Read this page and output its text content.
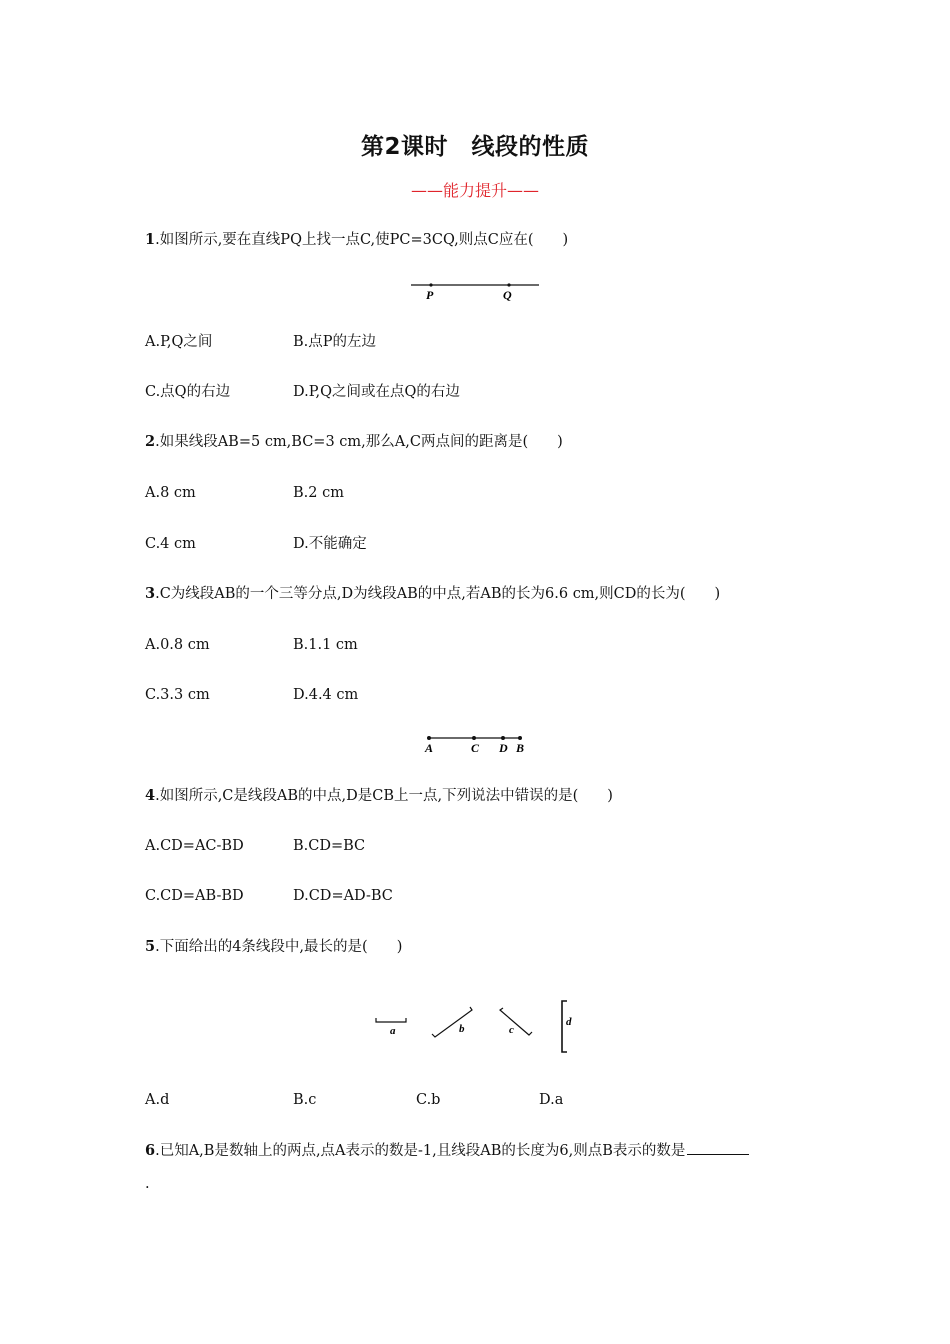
第2课时　线段的性质
——能力提升——
1.如图所示,要在直线PQ上找一点C,使PC=3CQ,则点C应在(　　)
P	Q
A.P,Q之间	B.点P的左边
C.点Q的右边	D.P,Q之间或在点Q的右边
2.如果线段AB=5 cm,BC=3 cm,那么A,C两点间的距离是(　　)
A.8 cm	B.2 cm
C.4 cm	D.不能确定
3.C为线段AB的一个三等分点,D为线段AB的中点,若AB的长为6.6 cm,则CD的长为(　　)
A.0.8 cm	B.1.1 cm
C.3.3 cm	D.4.4 cm
A	C D B
4.如图所示,C是线段AB的中点,D是CB上一点,下列说法中错误的是(　　)
A.CD=AC-BD	B.CD=BC
C.CD=AB-BD	D.CD=AD-BC
5.下面给出的4条线段中,最长的是(　　)
a	b	c
d
A.d	B.c	C.b	D.a
6.已知A,B是数轴上的两点,点A表示的数是-1,且线段AB的长度为6,则点B表示的数是
.
